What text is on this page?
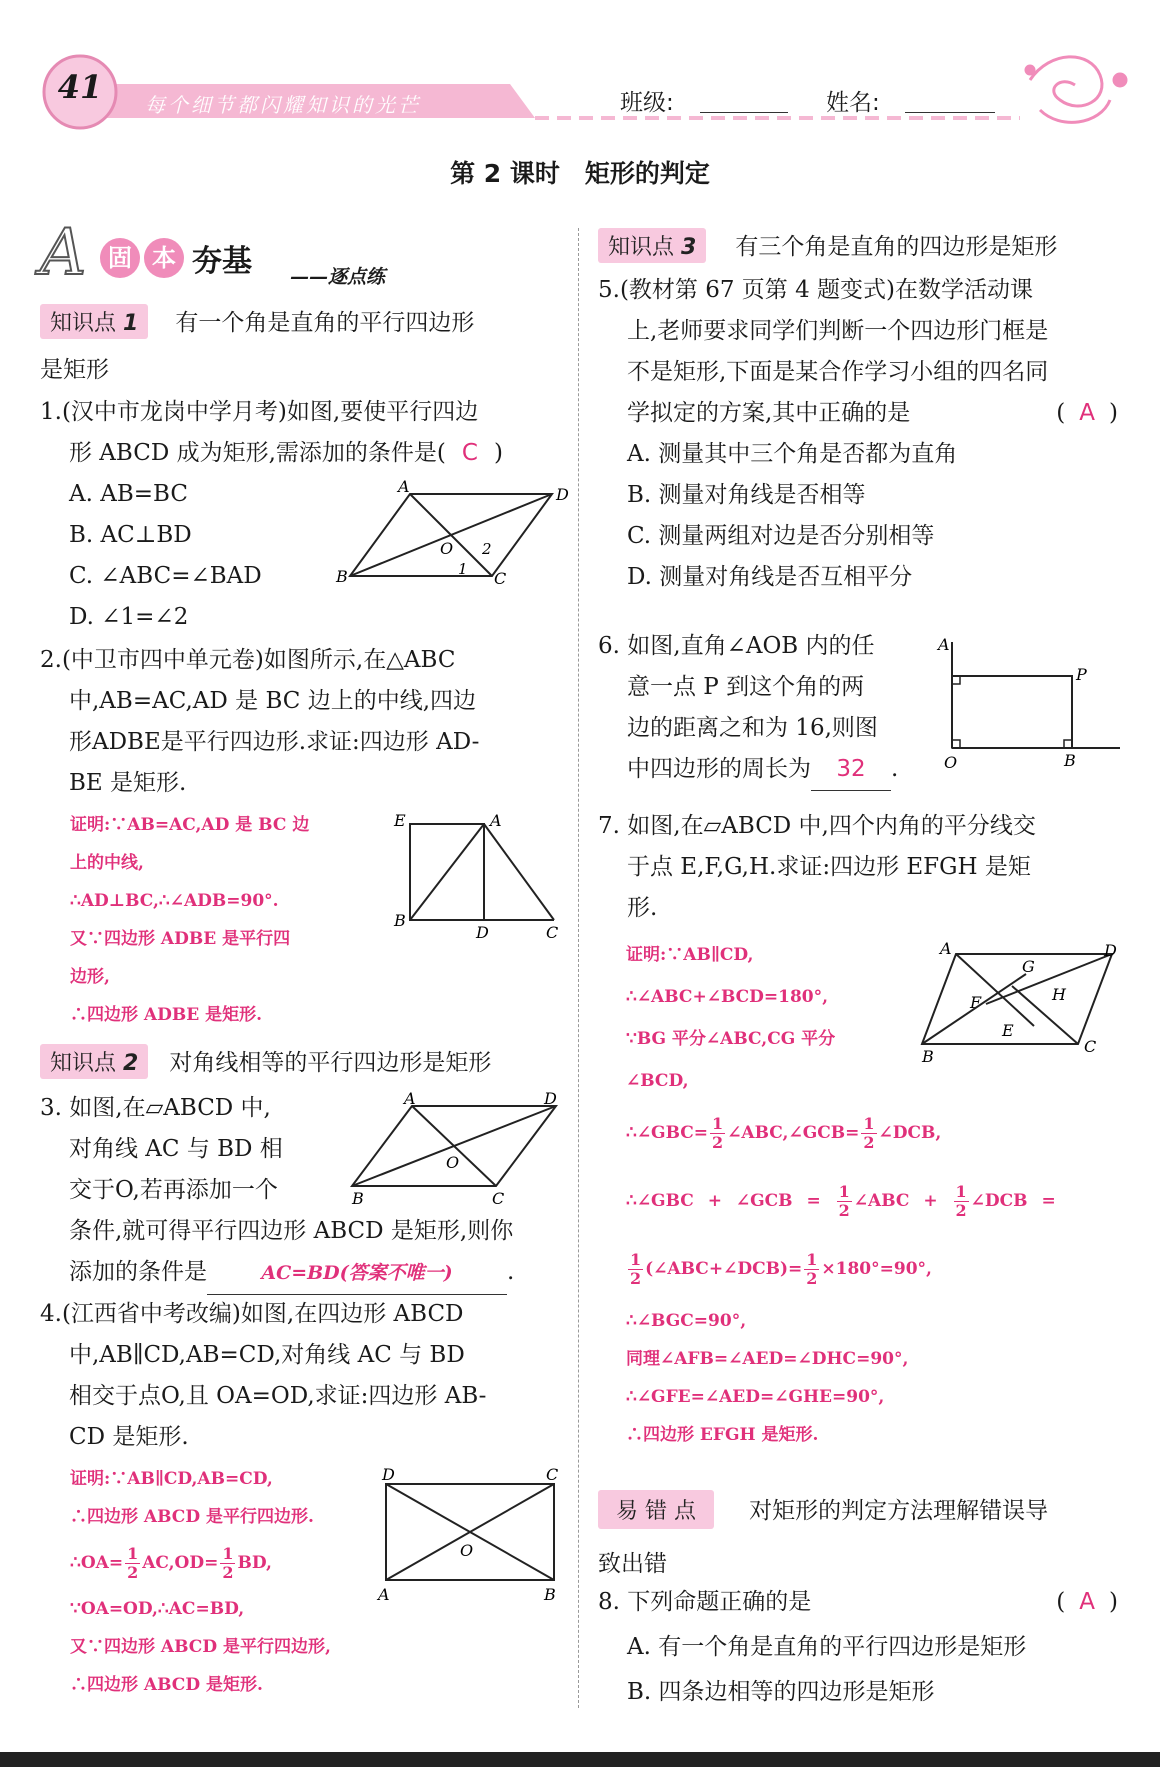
41	每个细节都闪耀知识的光芒	班级:	姓名:
第 2 课时　矩形的判定
A 固 本 夯基 ——逐点练
知识点 1 有一个角是直角的平行四边形
是矩形

1.(汉中市龙岗中学月考)如图,要使平行四边

形 ABCD 成为矩形,需添加的条件是( C )

A. AB=BC

B. AC⊥BD

C. ∠ABC=∠BAD

D. ∠1=∠2

A	D
B	C
O
1
2

2.(中卫市四中单元卷)如图所示,在△ABC

中,AB=AC,AD 是 BC 边上的中线,四边

形ADBE是平行四边形.求证:四边形 AD-

BE 是矩形.

证明:∵AB=AC,AD 是 BC 边

上的中线,

∴AD⊥BC,∴∠ADB=90°.

又∵四边形 ADBE 是平行四

边形,

∴四边形 ADBE 是矩形.

E	A
B
D	C
知识点 2 对角线相等的平行四边形是矩形

3. 如图,在▱ABCD 中,

对角线 AC 与 BD 相

交于O,若再添加一个

条件,就可得平行四边形 ABCD 是矩形,则你

添加的条件是	AC=BD(答案不唯一) .

A	D
B	C
O

4.(江西省中考改编)如图,在四边形 ABCD

中,AB∥CD,AB=CD,对角线 AC 与 BD

相交于点O,且 OA=OD,求证:四边形 AB-

CD 是矩形.

证明:∵AB∥CD,AB=CD,

∴四边形 ABCD 是平行四边形.

∴OA= $\frac{1}{2} AC,OD= \frac{1}{2}$ BD,

∵OA=OD,∴AC=BD,

又∵四边形 ABCD 是平行四边形,

∴四边形 ABCD 是矩形.

D	C
A	B
O
知识点 3 有三个角是直角的四边形是矩形

5.(教材第 67 页第 4 题变式)在数学活动课

上,老师要求同学们判断一个四边形门框是

不是矩形,下面是某合作学习小组的四名同

学拟定的方案,其中正确的是	( A )

A. 测量其中三个角是否都为直角

B. 测量对角线是否相等

C. 测量两组对边是否分别相等

D. 测量对角线是否互相平分

6. 如图,直角∠AOB 内的任

意一点 P 到这个角的两

边的距离之和为 16,则图

中四边形的周长为 32 .

A
P
O	B

7. 如图,在▱ABCD 中,四个内角的平分线交

于点 E,F,G,H.求证:四边形 EFGH 是矩

形.

证明:∵AB∥CD,

∴∠ABC+∠BCD=180°,

∵BG 平分∠ABC,CG 平分

∠BCD,

∴∠GBC= $\frac{1}{2}$ ∠ABC,∠GCB= $\frac{1}{2}$ ∠DCB,

∴∠GBC + ∠GCB = $\frac{1}{2}$ ∠ABC + $\frac{1}{2}$ ∠DCB =

$\frac{1}{2}$ (∠ABC+∠DCB)= $\frac{1}{2} \times 180^\circ=90^\circ$,

∴∠BGC=90°,

同理∠AFB=∠AED=∠DHC=90°,

∴∠GFE=∠AED=∠GHE=90°,

∴四边形 EFGH 是矩形.

A	D
B
C
G
F	H
E
易 错 点 对矩形的判定方法理解错误导
致出错

8. 下列命题正确的是	( A )

A. 有一个角是直角的平行四边形是矩形

B. 四条边相等的四边形是矩形
